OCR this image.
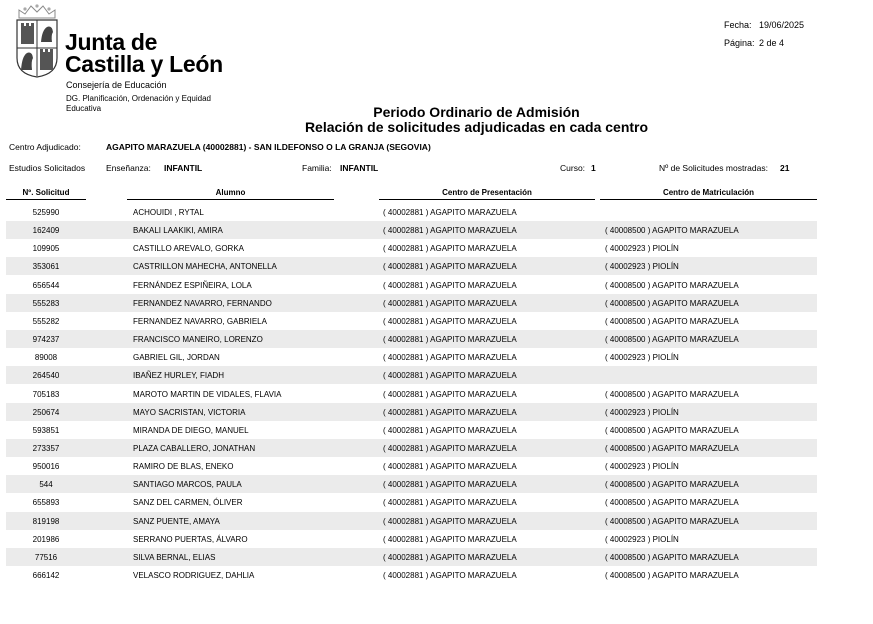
Junta de
Castilla y León
Consejería de Educación
DG. Planificación, Ordenación y Equidad
Educativa
Fecha: 19/06/2025
Página: 2 de 4
Periodo Ordinario de Admisión
Relación de solicitudes adjudicadas en cada centro
Centro Adjudicado:	AGAPITO MARAZUELA (40002881) - SAN ILDEFONSO O LA GRANJA (SEGOVIA)
Estudios Solicitados Enseñanza: INFANTIL	Familia: INFANTIL	Curso: 1	Nº de Solicitudes mostradas: 21
Nº. Solicitud	Alumno	Centro de Presentación	Centro de Matriculación
525990	ACHOUIDI , RYTAL	( 40002881 ) AGAPITO MARAZUELA
162409	BAKALI LAAKIKI, AMIRA	( 40002881 ) AGAPITO MARAZUELA	( 40008500 ) AGAPITO MARAZUELA
109905	CASTILLO AREVALO, GORKA	( 40002881 ) AGAPITO MARAZUELA	( 40002923 ) PIOLÍN
353061	CASTRILLON MAHECHA, ANTONELLA	( 40002881 ) AGAPITO MARAZUELA	( 40002923 ) PIOLÍN
656544	FERNÁNDEZ ESPIÑEIRA, LOLA	( 40002881 ) AGAPITO MARAZUELA	( 40008500 ) AGAPITO MARAZUELA
555283	FERNANDEZ NAVARRO, FERNANDO	( 40002881 ) AGAPITO MARAZUELA	( 40008500 ) AGAPITO MARAZUELA
555282	FERNANDEZ NAVARRO, GABRIELA	( 40002881 ) AGAPITO MARAZUELA	( 40008500 ) AGAPITO MARAZUELA
974237	FRANCISCO MANEIRO, LORENZO	( 40002881 ) AGAPITO MARAZUELA	( 40008500 ) AGAPITO MARAZUELA
89008	GABRIEL GIL, JORDAN	( 40002881 ) AGAPITO MARAZUELA	( 40002923 ) PIOLÍN
264540	IBAÑEZ HURLEY, FIADH	( 40002881 ) AGAPITO MARAZUELA
705183	MAROTO MARTIN DE VIDALES, FLAVIA	( 40002881 ) AGAPITO MARAZUELA	( 40008500 ) AGAPITO MARAZUELA
250674	MAYO SACRISTAN, VICTORIA	( 40002881 ) AGAPITO MARAZUELA	( 40002923 ) PIOLÍN
593851	MIRANDA DE DIEGO, MANUEL	( 40002881 ) AGAPITO MARAZUELA	( 40008500 ) AGAPITO MARAZUELA
273357	PLAZA CABALLERO, JONATHAN	( 40002881 ) AGAPITO MARAZUELA	( 40008500 ) AGAPITO MARAZUELA
950016	RAMIRO DE BLAS, ENEKO	( 40002881 ) AGAPITO MARAZUELA	( 40002923 ) PIOLÍN
544	SANTIAGO MARCOS, PAULA	( 40002881 ) AGAPITO MARAZUELA	( 40008500 ) AGAPITO MARAZUELA
655893	SANZ DEL CARMEN, ÓLIVER	( 40002881 ) AGAPITO MARAZUELA	( 40008500 ) AGAPITO MARAZUELA
819198	SANZ PUENTE, AMAYA	( 40002881 ) AGAPITO MARAZUELA	( 40008500 ) AGAPITO MARAZUELA
201986	SERRANO PUERTAS, ÁLVARO	( 40002881 ) AGAPITO MARAZUELA	( 40002923 ) PIOLÍN
77516	SILVA BERNAL, ELIAS	( 40002881 ) AGAPITO MARAZUELA	( 40008500 ) AGAPITO MARAZUELA
666142	VELASCO RODRIGUEZ, DAHLIA	( 40002881 ) AGAPITO MARAZUELA	( 40008500 ) AGAPITO MARAZUELA
